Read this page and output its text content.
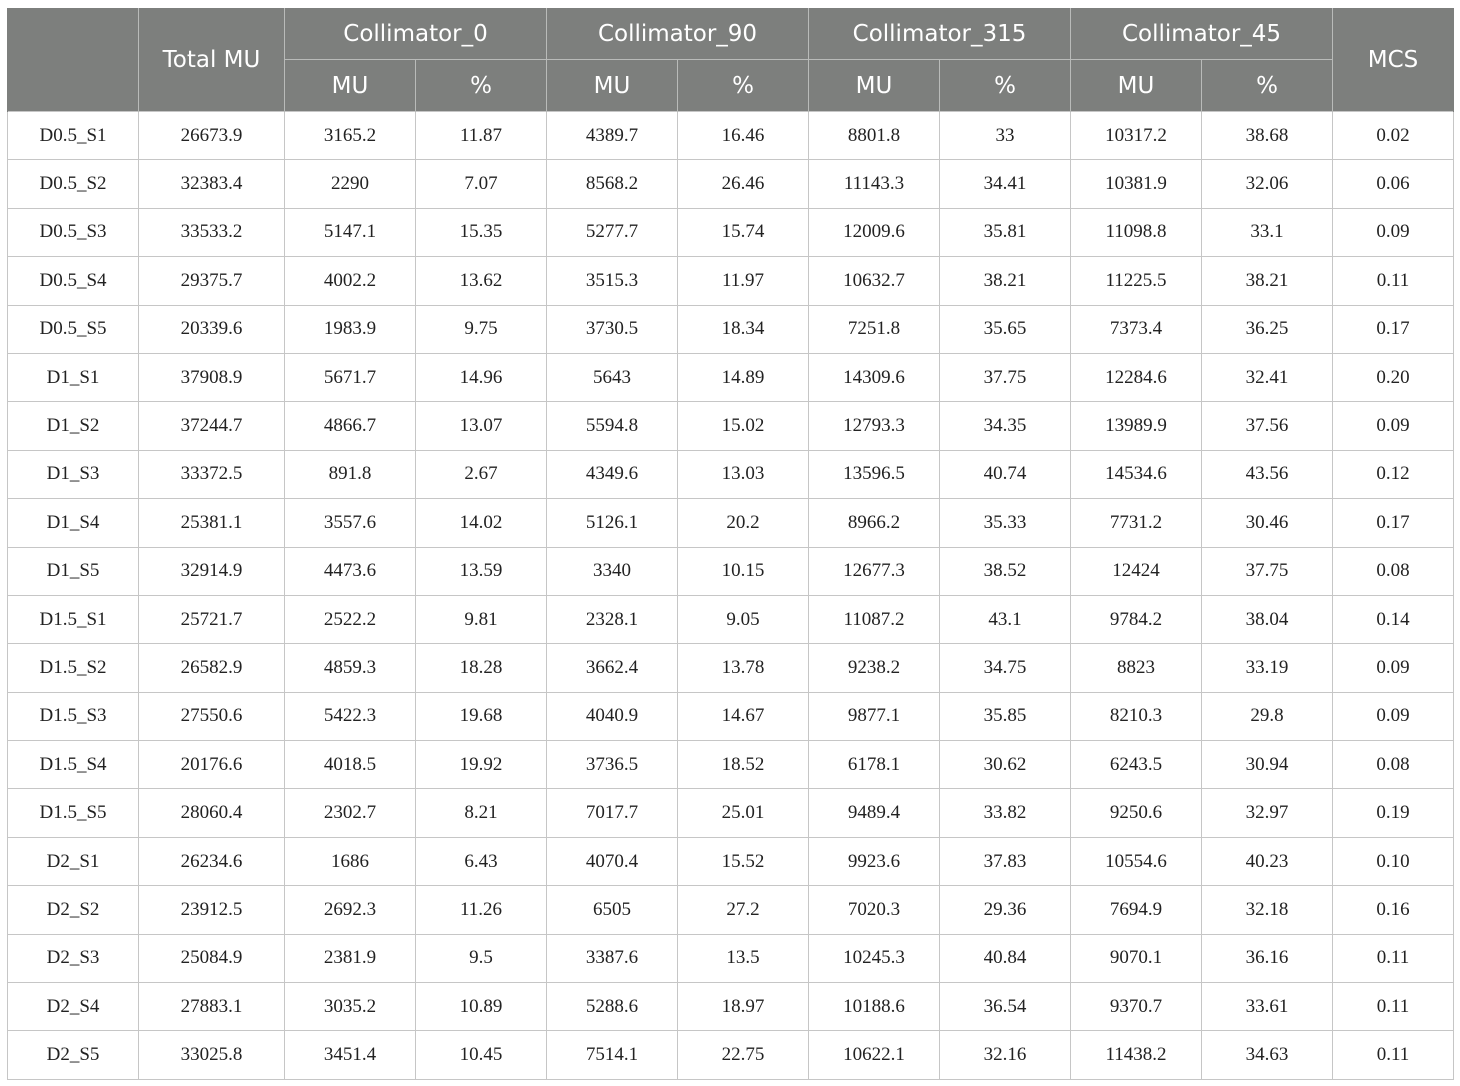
	Total MU	Collimator_0		Collimator_90		Collimator_315		Collimator_45		MCS
		MU	%	MU	%	MU	%	MU	%	
D0.5_S1	26673.9	3165.2	11.87	4389.7	16.46	8801.8	33	10317.2	38.68	0.02
D0.5_S2	32383.4	2290	7.07	8568.2	26.46	11143.3	34.41	10381.9	32.06	0.06
D0.5_S3	33533.2	5147.1	15.35	5277.7	15.74	12009.6	35.81	11098.8	33.1	0.09
D0.5_S4	29375.7	4002.2	13.62	3515.3	11.97	10632.7	38.21	11225.5	38.21	0.11
D0.5_S5	20339.6	1983.9	9.75	3730.5	18.34	7251.8	35.65	7373.4	36.25	0.17
D1_S1	37908.9	5671.7	14.96	5643	14.89	14309.6	37.75	12284.6	32.41	0.20
D1_S2	37244.7	4866.7	13.07	5594.8	15.02	12793.3	34.35	13989.9	37.56	0.09
D1_S3	33372.5	891.8	2.67	4349.6	13.03	13596.5	40.74	14534.6	43.56	0.12
D1_S4	25381.1	3557.6	14.02	5126.1	20.2	8966.2	35.33	7731.2	30.46	0.17
D1_S5	32914.9	4473.6	13.59	3340	10.15	12677.3	38.52	12424	37.75	0.08
D1.5_S1	25721.7	2522.2	9.81	2328.1	9.05	11087.2	43.1	9784.2	38.04	0.14
D1.5_S2	26582.9	4859.3	18.28	3662.4	13.78	9238.2	34.75	8823	33.19	0.09
D1.5_S3	27550.6	5422.3	19.68	4040.9	14.67	9877.1	35.85	8210.3	29.8	0.09
D1.5_S4	20176.6	4018.5	19.92	3736.5	18.52	6178.1	30.62	6243.5	30.94	0.08
D1.5_S5	28060.4	2302.7	8.21	7017.7	25.01	9489.4	33.82	9250.6	32.97	0.19
D2_S1	26234.6	1686	6.43	4070.4	15.52	9923.6	37.83	10554.6	40.23	0.10
D2_S2	23912.5	2692.3	11.26	6505	27.2	7020.3	29.36	7694.9	32.18	0.16
D2_S3	25084.9	2381.9	9.5	3387.6	13.5	10245.3	40.84	9070.1	36.16	0.11
D2_S4	27883.1	3035.2	10.89	5288.6	18.97	10188.6	36.54	9370.7	33.61	0.11
D2_S5	33025.8	3451.4	10.45	7514.1	22.75	10622.1	32.16	11438.2	34.63	0.11
